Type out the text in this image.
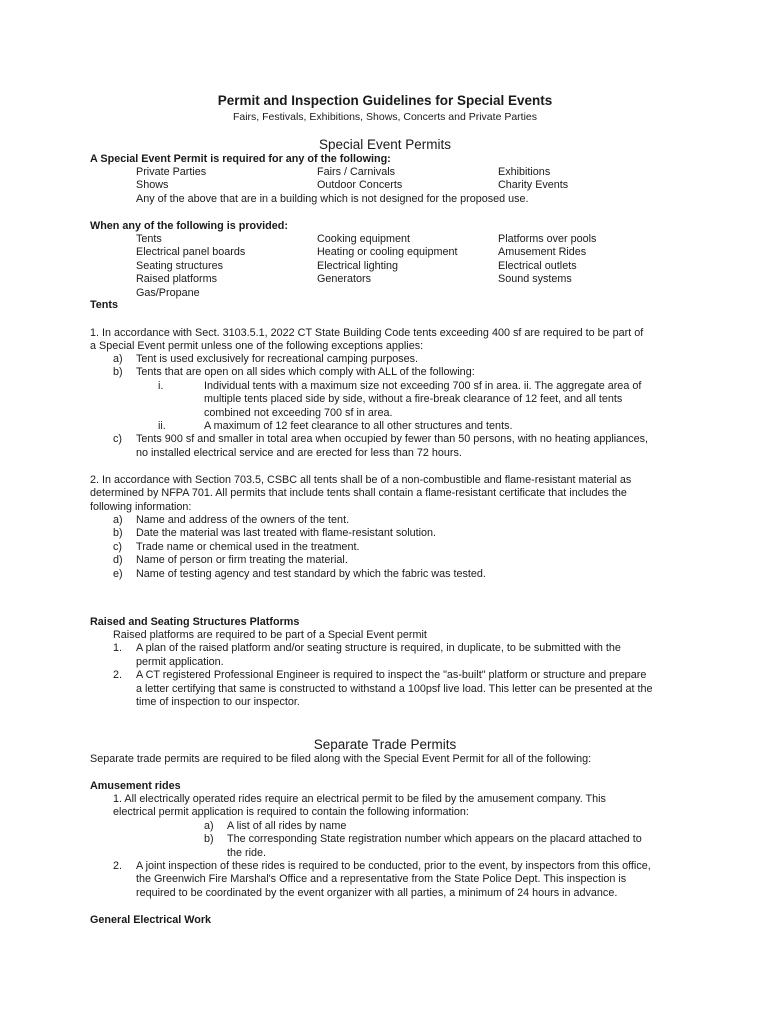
Permit and Inspection Guidelines for Special Events
Fairs, Festivals, Exhibitions, Shows, Concerts and Private Parties
Special Event Permits
A Special Event Permit is required for any of the following:
Private Parties	Fairs / Carnivals	Exhibitions
Shows	Outdoor Concerts	Charity Events
Any of the above that are in a building which is not designed for the proposed use.
When any of the following is provided:
Tents	Cooking equipment	Platforms over pools
Electrical panel boards	Heating or cooling equipment	Amusement Rides
Seating structures	Electrical lighting	Electrical outlets
Raised platforms	Generators	Sound systems
Gas/Propane
Tents
1. In accordance with Sect. 3103.5.1, 2022 CT State Building Code tents exceeding 400 sf are required to be part of
a Special Event permit unless one of the following exceptions applies:
a) Tent is used exclusively for recreational camping purposes.
b) Tents that are open on all sides which comply with ALL of the following:
i.	Individual tents with a maximum size not exceeding 700 sf in area. ii. The aggregate area of
multiple tents placed side by side, without a fire-break clearance of 12 feet, and all tents
combined not exceeding 700 sf in area.
ii.	A maximum of 12 feet clearance to all other structures and tents.
c) Tents 900 sf and smaller in total area when occupied by fewer than 50 persons, with no heating appliances,
no installed electrical service and are erected for less than 72 hours.
2. In accordance with Section 703.5, CSBC all tents shall be of a non-combustible and flame-resistant material as
determined by NFPA 701. All permits that include tents shall contain a flame-resistant certificate that includes the
following information:
a) Name and address of the owners of the tent.
b) Date the material was last treated with flame-resistant solution.
c) Trade name or chemical used in the treatment.
d) Name of person or firm treating the material.
e) Name of testing agency and test standard by which the fabric was tested.
Raised and Seating Structures Platforms
Raised platforms are required to be part of a Special Event permit
1. A plan of the raised platform and/or seating structure is required, in duplicate, to be submitted with the
permit application.
2. A CT registered Professional Engineer is required to inspect the "as-built" platform or structure and prepare
a letter certifying that same is constructed to withstand a 100psf live load. This letter can be presented at the
time of inspection to our inspector.
Separate Trade Permits
Separate trade permits are required to be filed along with the Special Event Permit for all of the following:
Amusement rides
1. All electrically operated rides require an electrical permit to be filed by the amusement company. This
electrical permit application is required to contain the following information:
a) A list of all rides by name
b) The corresponding State registration number which appears on the placard attached to
the ride.
2. A joint inspection of these rides is required to be conducted, prior to the event, by inspectors from this office,
the Greenwich Fire Marshal's Office and a representative from the State Police Dept. This inspection is
required to be coordinated by the event organizer with all parties, a minimum of 24 hours in advance.
General Electrical Work
